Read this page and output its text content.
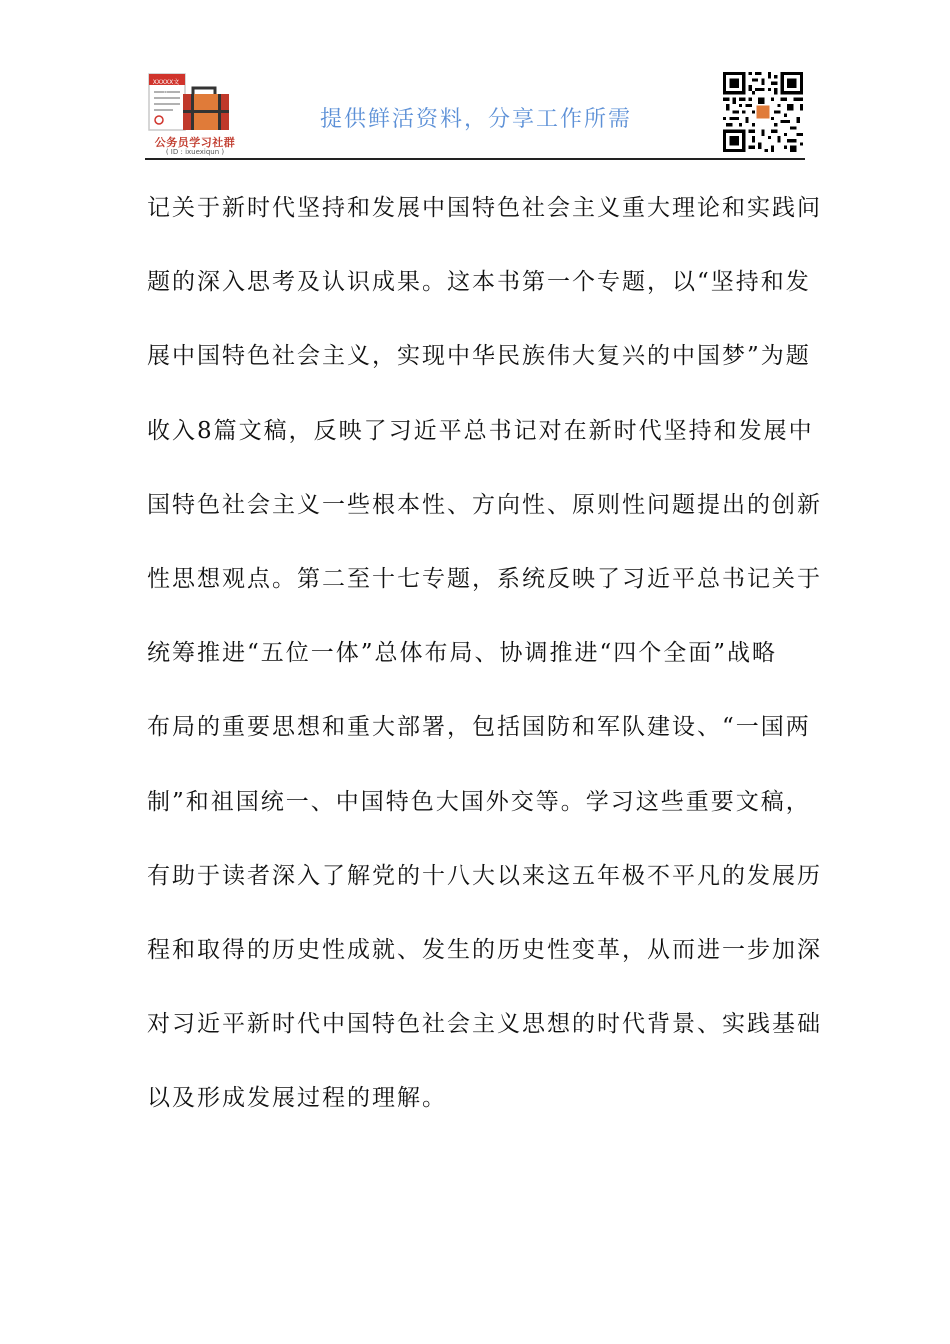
XXXXX文件
公务员学习社群
( ID : ixuexiqun )
提供鲜活资料，分享工作所需
记关于新时代坚持和发展中国特色社会主义重大理论和实践问
题的深入思考及认识成果。这本书第一个专题，以“坚持和发
展中国特色社会主义，实现中华民族伟大复兴的中国梦”为题
收入8篇文稿，反映了习近平总书记对在新时代坚持和发展中
国特色社会主义一些根本性、方向性、原则性问题提出的创新
性思想观点。第二至十七专题，系统反映了习近平总书记关于
统筹推进“五位一体”总体布局、协调推进“四个全面”战略
布局的重要思想和重大部署，包括国防和军队建设、“一国两
制”和祖国统一、中国特色大国外交等。学习这些重要文稿，
有助于读者深入了解党的十八大以来这五年极不平凡的发展历
程和取得的历史性成就、发生的历史性变革，从而进一步加深
对习近平新时代中国特色社会主义思想的时代背景、实践基础
以及形成发展过程的理解。
